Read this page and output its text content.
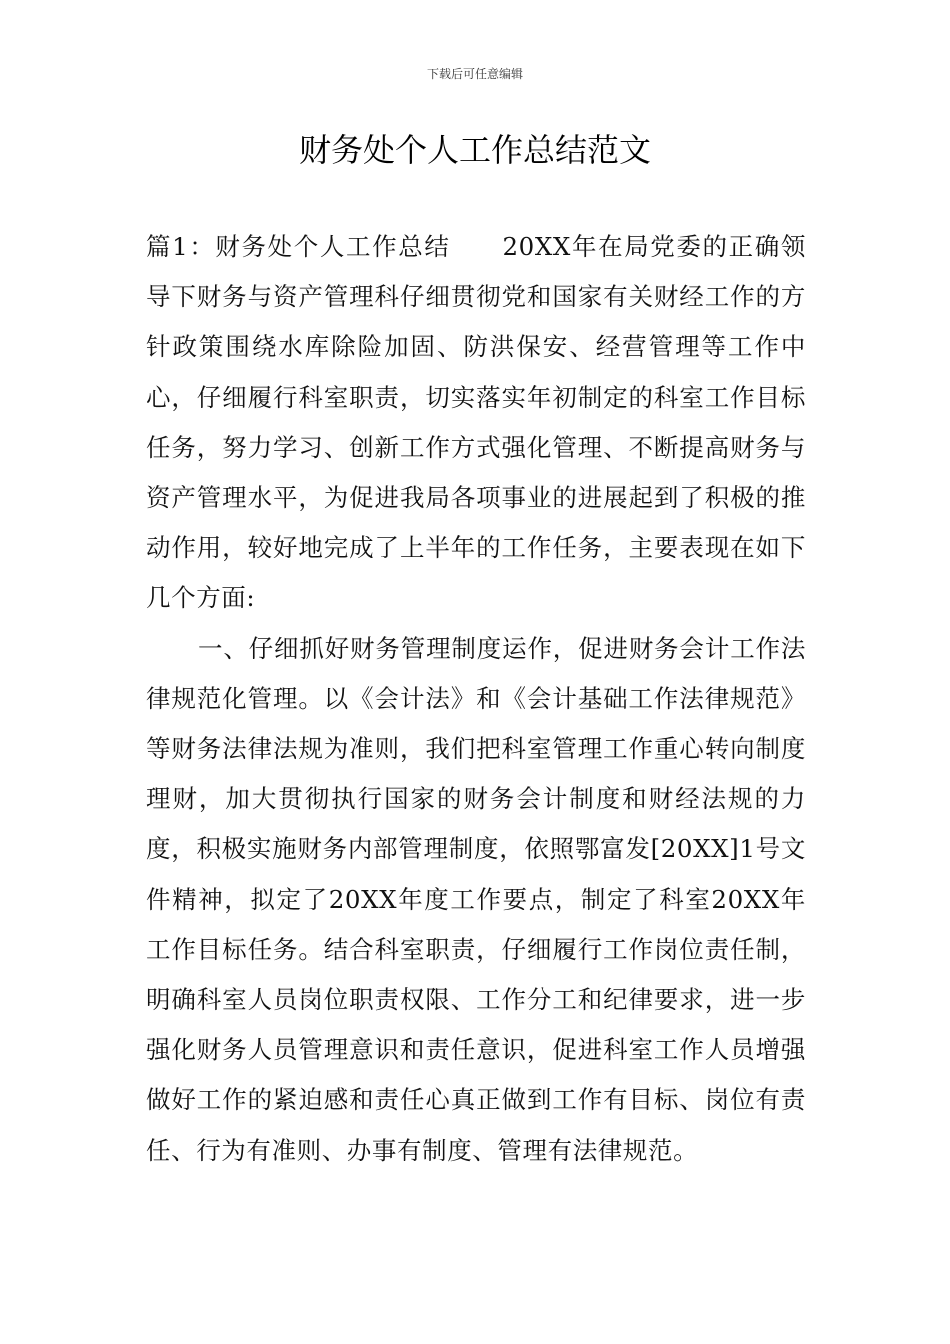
下载后可任意编辑
财务处个人工作总结范文

篇1：财务处个人工作总结 20XX年在局党委的正确领导下财务与资产管理科仔细贯彻党和国家有关财经工作的方针政策围绕水库除险加固、防洪保安、经营管理等工作中心，仔细履行科室职责，切实落实年初制定的科室工作目标任务，努力学习、创新工作方式强化管理、不断提高财务与资产管理水平，为促进我局各项事业的进展起到了积极的推动作用，较好地完成了上半年的工作任务，主要表现在如下几个方面:

一、仔细抓好财务管理制度运作，促进财务会计工作法律规范化管理。以《会计法》和《会计基础工作法律规范》等财务法律法规为准则，我们把科室管理工作重心转向制度理财，加大贯彻执行国家的财务会计制度和财经法规的力度，积极实施财务内部管理制度，依照鄂富发[20XX]1号文件精神，拟定了20XX年度工作要点，制定了科室20XX年工作目标任务。结合科室职责，仔细履行工作岗位责任制，明确科室人员岗位职责权限、工作分工和纪律要求，进一步强化财务人员管理意识和责任意识，促进科室工作人员增强做好工作的紧迫感和责任心真正做到工作有目标、岗位有责任、行为有准则、办事有制度、管理有法律规范。
